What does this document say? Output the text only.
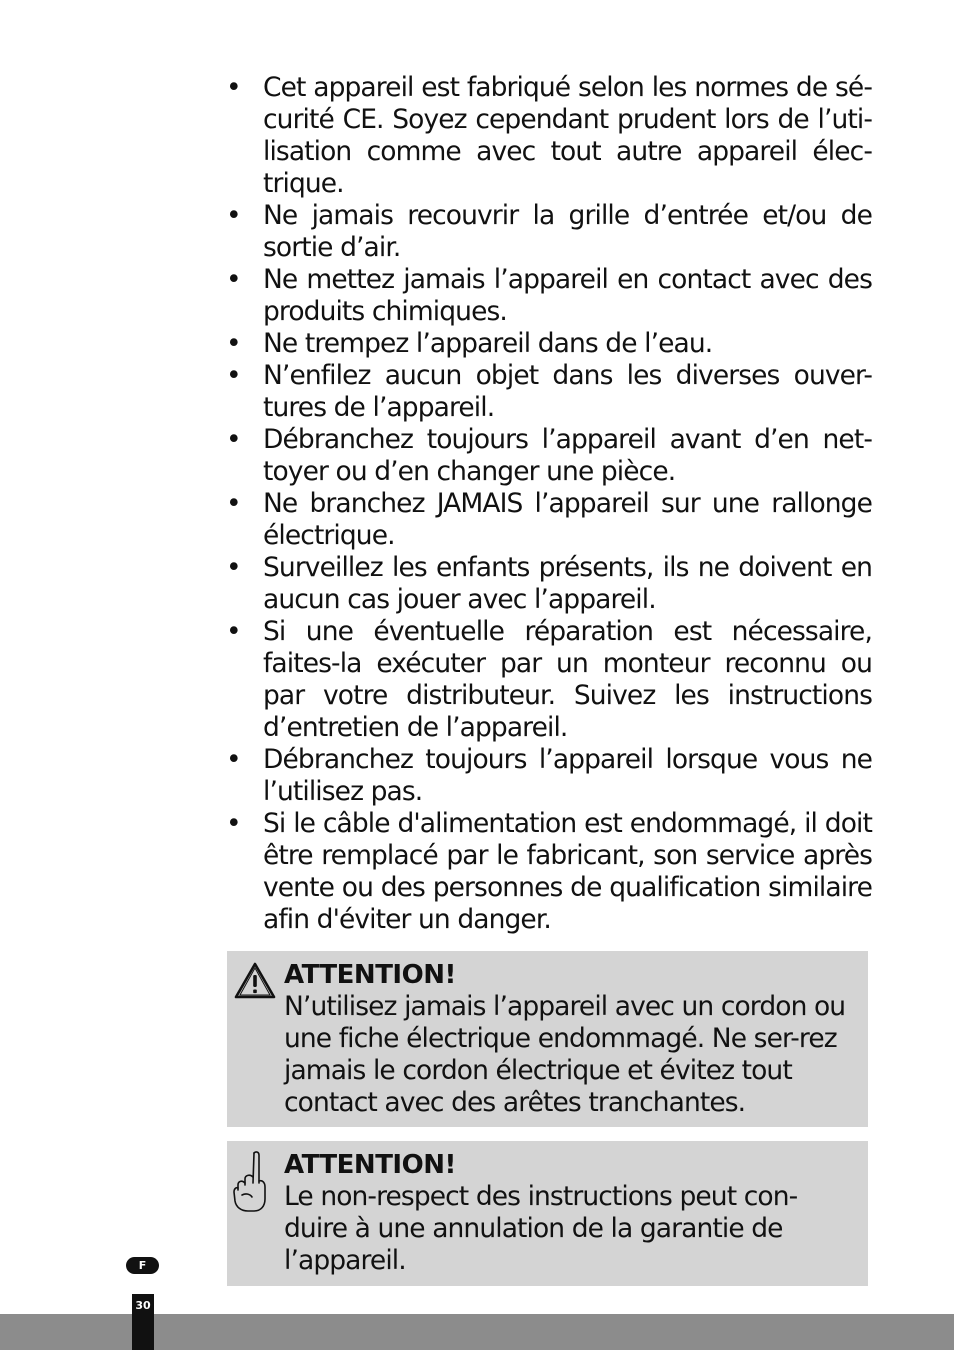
• Cet appareil est fabriqué selon les normes de sé-curité CE. Soyez cependant prudent lors de l’uti-lisation comme avec tout autre appareil élec-trique.
• Ne jamais recouvrir la grille d’entrée et/ou de sortie d’air.
• Ne mettez jamais l’appareil en contact avec des produits chimiques.
• Ne trempez l’appareil dans de l’eau.
• N’enfilez aucun objet dans les diverses ouver-tures de l’appareil.
• Débranchez toujours l’appareil avant d’en net-toyer ou d’en changer une pièce.
• Ne branchez JAMAIS l’appareil sur une rallonge électrique.
• Surveillez les enfants présents, ils ne doivent en aucun cas jouer avec l’appareil.
• Si une éventuelle réparation est nécessaire, faites-la exécuter par un monteur reconnu ou par votre distributeur. Suivez les instructions d’entretien de l’appareil.
• Débranchez toujours l’appareil lorsque vous ne l’utilisez pas.
• Si le câble d'alimentation est endommagé, il doit être remplacé par le fabricant, son service après vente ou des personnes de qualification similaire afin d'éviter un danger.
ATTENTION!
N’utilisez jamais l’appareil avec un cordon ou une fiche électrique endommagé. Ne ser-rez jamais le cordon électrique et évitez tout contact avec des arêtes tranchantes.
ATTENTION!
Le non-respect des instructions peut con-duire à une annulation de la garantie de l’appareil.
F
30
